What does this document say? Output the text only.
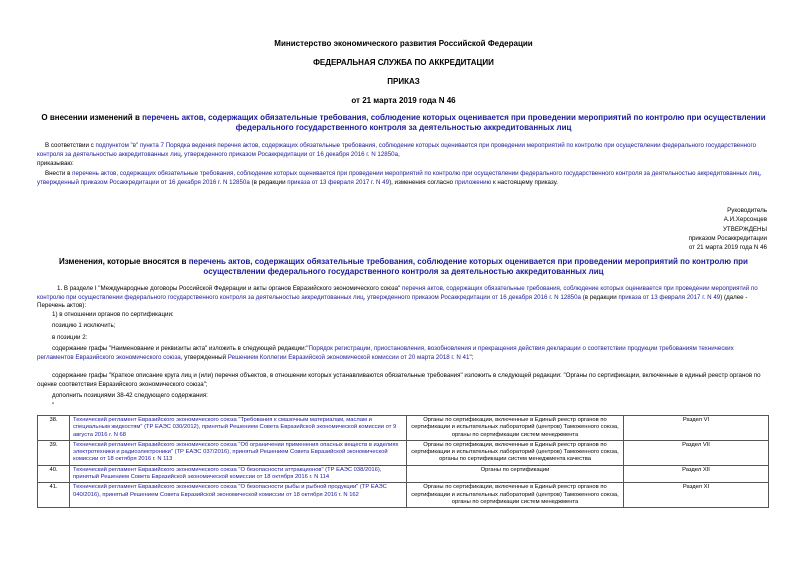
Министерство экономического развития Российской Федерации
ФЕДЕРАЛЬНАЯ СЛУЖБА ПО АККРЕДИТАЦИИ
ПРИКАЗ
от 21 марта 2019 года N 46
О внесении изменений в перечень актов, содержащих обязательные требования, соблюдение которых оценивается при проведении мероприятий по контролю при осуществлении федерального государственного контроля за деятельностью аккредитованных лиц
В соответствии с подпунктом "в" пункта 7 Порядка ведения перечня актов, содержащих обязательные требования, соблюдение которых оценивается при проведении мероприятий по контролю при осуществлении федерального государственного контроля за деятельностью аккредитованных лиц, утвержденного приказом Росаккредитации от 16 декабря 2016 г. N 12850а,
приказываю:
Внести в перечень актов, содержащих обязательные требования, соблюдение которых оценивается при проведении мероприятий по контролю при осуществлении федерального государственного контроля за деятельностью аккредитованных лиц, утвержденный приказом Росаккредитации от 16 декабря 2016 г. N 12850а (в редакции приказа от 13 февраля 2017 г. N 49), изменения согласно приложению к настоящему приказу.
Руководитель
А.И.Херсонцев
УТВЕРЖДЕНЫ
приказом Росаккредитации
от 21 марта 2019 года N 46
Изменения, которые вносятся в перечень актов, содержащих обязательные требования, соблюдение которых оценивается при проведении мероприятий по контролю при осуществлении федерального государственного контроля за деятельностью аккредитованных лиц
1. В разделе I "Международные договоры Российской Федерации и акты органов Евразийского экономического союза" перечня актов, содержащих обязательные требования, соблюдение которых оценивается при проведении мероприятий по контролю при осуществлении федерального государственного контроля за деятельностью аккредитованных лиц, утвержденного приказом Росаккредитации от 16 декабря 2016 г. N 12850а (в редакции приказа от 13 февраля 2017 г. N 49) (далее - Перечень актов):
1) в отношении органов по сертификации:
позицию 1 исключить;
в позиции 2:
содержание графы "Наименование и реквизиты акта" изложить в следующей редакции:"Порядок регистрации, приостановления, возобновления и прекращения действия декларации о соответствии продукции требованиям технических регламентов Евразийского экономического союза, утвержденный Решением Коллегии Евразийской экономической комиссии от 20 марта 2018 г. N 41";
содержание графы "Краткое описание круга лиц и (или) перечня объектов, в отношении которых устанавливаются обязательные требования" изложить в следующей редакции: "Органы по сертификации, включенные в единый реестр органов по оценке соответствия Евразийского экономического союза";
дополнить позициями 38-42 следующего содержания:
"
38.	Технический регламент Евразийского экономического союза "Требования к смазочным материалам, маслам и специальным жидкостям" (ТР ЕАЭС 030/2012), принятый Решением Совета Евразийской экономической комиссии от 9 августа 2016 г. N 68	Органы по сертификации, включенные в Единый реестр органов по сертификации и испытательных лабораторий (центров) Таможенного союза, органы по сертификации систем менеджмента	Раздел VI
39.	Технический регламент Евразийского экономического союза "Об ограничении применения опасных веществ в изделиях электротехники и радиоэлектроники" (ТР ЕАЭС 037/2016), принятый Решением Совета Евразийской экономической комиссии от 18 октября 2016 г. N 113	Органы по сертификации, включенные в Единый реестр органов по сертификации и испытательных лабораторий (центров) Таможенного союза, органы по сертификации систем менеджмента качества	Раздел VII
40.	Технический регламент Евразийского экономического союза "О безопасности аттракционов" (ТР ЕАЭС 038/2016), принятый Решением Совета Евразийской экономической комиссии от 18 октября 2016 г. N 114	Органы по сертификации	Раздел XII
41.	Технический регламент Евразийского экономического союза "О безопасности рыбы и рыбной продукции" (ТР ЕАЭС 040/2016), принятый Решением Совета Евразийской экономической комиссии от 18 октября 2016 г. N 162	Органы по сертификации, включенные в Единый реестр органов по сертификации и испытательных лабораторий (центров) Таможенного союза, органы по сертификации систем менеджмента	Раздел XI
